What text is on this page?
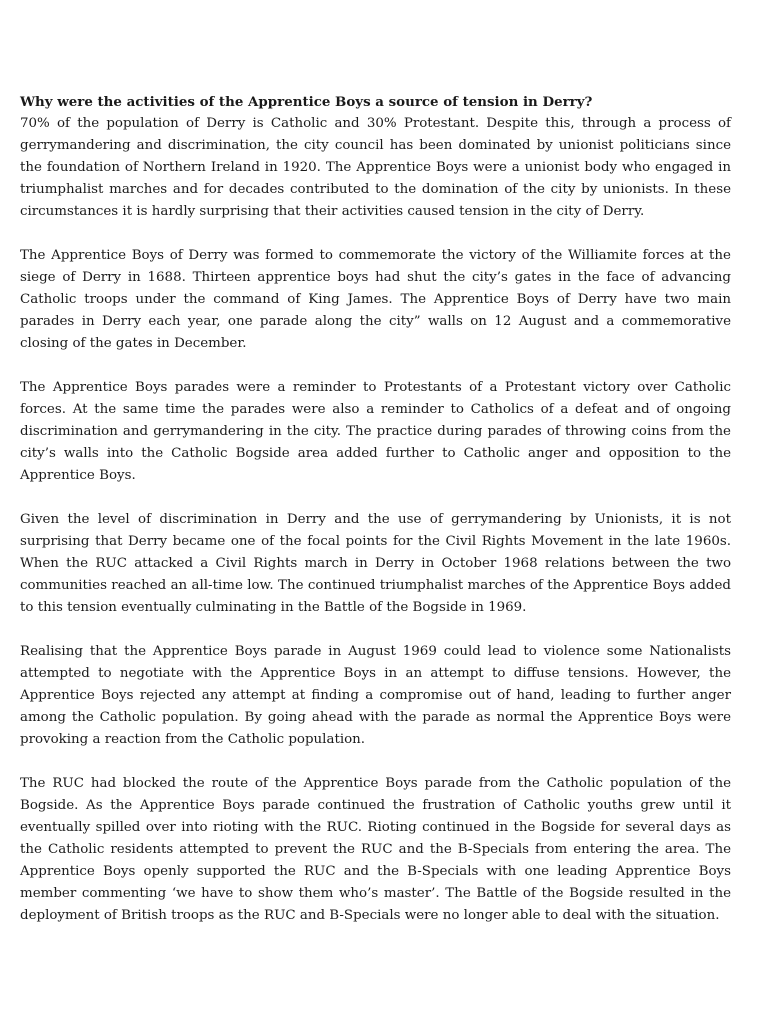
Why were the activities of the Apprentice Boys a source of tension in Derry?

70% of the population of Derry is Catholic and 30% Protestant. Despite this, through a process of gerrymandering and discrimination, the city council has been dominated by unionist politicians since the foundation of Northern Ireland in 1920. The Apprentice Boys were a unionist body who engaged in triumphalist marches and for decades contributed to the domination of the city by unionists. In these circumstances it is hardly surprising that their activities caused tension in the city of Derry.

The Apprentice Boys of Derry was formed to commemorate the victory of the Williamite forces at the siege of Derry in 1688. Thirteen apprentice boys had shut the city’s gates in the face of advancing Catholic troops under the command of King James. The Apprentice Boys of Derry have two main parades in Derry each year, one parade along the city” walls on 12 August and a commemorative closing of the gates in December.

The Apprentice Boys parades were a reminder to Protestants of a Protestant victory over Catholic forces. At the same time the parades were also a reminder to Catholics of a defeat and of ongoing discrimination and gerrymandering in the city. The practice during parades of throwing coins from the city’s walls into the Catholic Bogside area added further to Catholic anger and opposition to the Apprentice Boys.

Given the level of discrimination in Derry and the use of gerrymandering by Unionists, it is not surprising that Derry became one of the focal points for the Civil Rights Movement in the late 1960s. When the RUC attacked a Civil Rights march in Derry in October 1968 relations between the two communities reached an all-time low. The continued triumphalist marches of the Apprentice Boys added to this tension eventually culminating in the Battle of the Bogside in 1969.

Realising that the Apprentice Boys parade in August 1969 could lead to violence some Nationalists attempted to negotiate with the Apprentice Boys in an attempt to diffuse tensions. However, the Apprentice Boys rejected any attempt at finding a compromise out of hand, leading to further anger among the Catholic population. By going ahead with the parade as normal the Apprentice Boys were provoking a reaction from the Catholic population.

The RUC had blocked the route of the Apprentice Boys parade from the Catholic population of the Bogside. As the Apprentice Boys parade continued the frustration of Catholic youths grew until it eventually spilled over into rioting with the RUC. Rioting continued in the Bogside for several days as the Catholic residents attempted to prevent the RUC and the B-Specials from entering the area. The Apprentice Boys openly supported the RUC and the B-Specials with one leading Apprentice Boys member commenting ‘we have to show them who’s master’. The Battle of the Bogside resulted in the deployment of British troops as the RUC and B-Specials were no longer able to deal with the situation.
